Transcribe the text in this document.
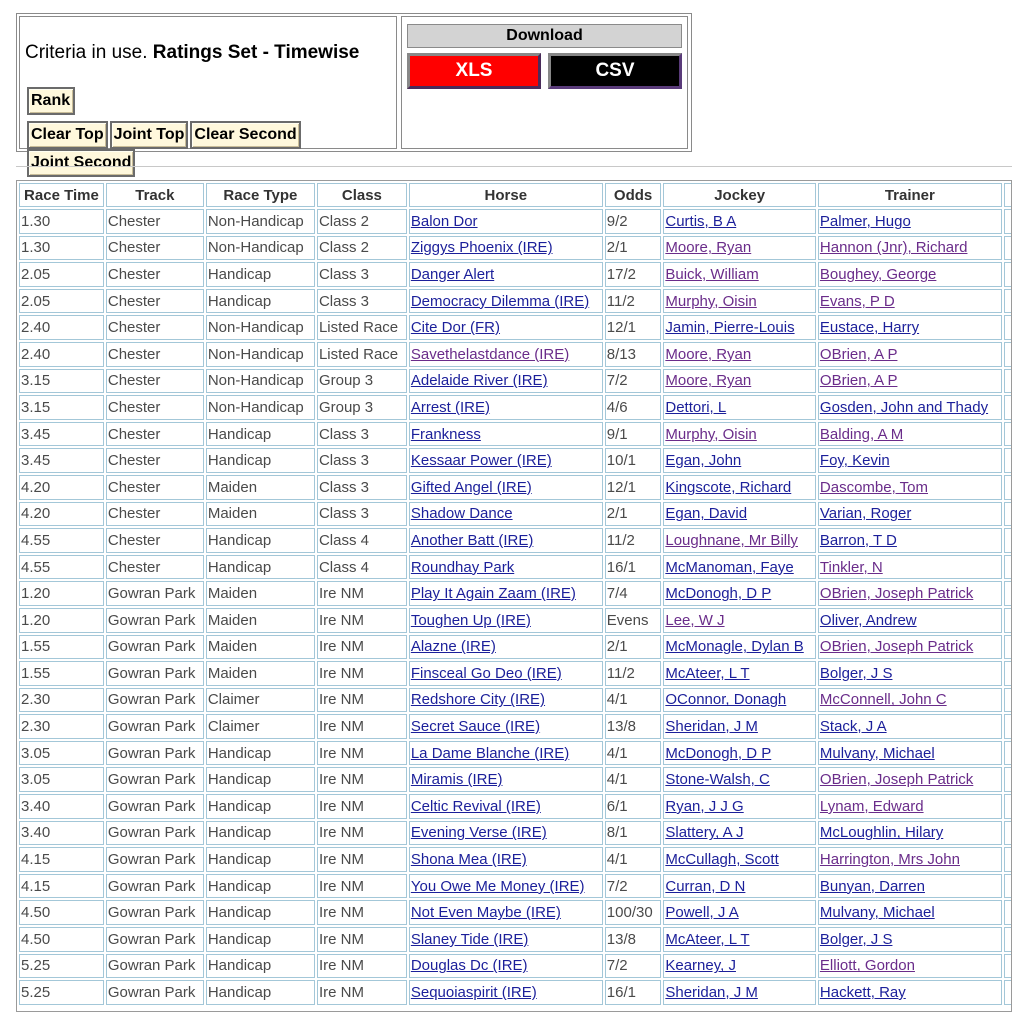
Criteria in use. Ratings Set - Timewise
Rank
Clear Top Joint Top Clear SecondJoint Second
Download
XLS	CSV
Race Time	Track	Race Type	Class	Horse	Odds	Jockey	Trainer	
1.30	Chester	Non-Handicap	Class 2	Balon Dor	9/2	Curtis, B A	Palmer, Hugo	
1.30	Chester	Non-Handicap	Class 2	Ziggys Phoenix (IRE)	2/1	Moore, Ryan	Hannon (Jnr), Richard	
2.05	Chester	Handicap	Class 3	Danger Alert	17/2	Buick, William	Boughey, George	
2.05	Chester	Handicap	Class 3	Democracy Dilemma (IRE)	11/2	Murphy, Oisin	Evans, P D	
2.40	Chester	Non-Handicap	Listed Race	Cite Dor (FR)	12/1	Jamin, Pierre-Louis	Eustace, Harry	
2.40	Chester	Non-Handicap	Listed Race	Savethelastdance (IRE)	8/13	Moore, Ryan	OBrien, A P	
3.15	Chester	Non-Handicap	Group 3	Adelaide River (IRE)	7/2	Moore, Ryan	OBrien, A P	
3.15	Chester	Non-Handicap	Group 3	Arrest (IRE)	4/6	Dettori, L	Gosden, John and Thady	
3.45	Chester	Handicap	Class 3	Frankness	9/1	Murphy, Oisin	Balding, A M	
3.45	Chester	Handicap	Class 3	Kessaar Power (IRE)	10/1	Egan, John	Foy, Kevin	
4.20	Chester	Maiden	Class 3	Gifted Angel (IRE)	12/1	Kingscote, Richard	Dascombe, Tom	
4.20	Chester	Maiden	Class 3	Shadow Dance	2/1	Egan, David	Varian, Roger	
4.55	Chester	Handicap	Class 4	Another Batt (IRE)	11/2	Loughnane, Mr Billy	Barron, T D	
4.55	Chester	Handicap	Class 4	Roundhay Park	16/1	McManoman, Faye	Tinkler, N	
1.20	Gowran Park	Maiden	Ire NM	Play It Again Zaam (IRE)	7/4	McDonogh, D P	OBrien, Joseph Patrick	
1.20	Gowran Park	Maiden	Ire NM	Toughen Up (IRE)	Evens	Lee, W J	Oliver, Andrew	
1.55	Gowran Park	Maiden	Ire NM	Alazne (IRE)	2/1	McMonagle, Dylan B	OBrien, Joseph Patrick	
1.55	Gowran Park	Maiden	Ire NM	Finsceal Go Deo (IRE)	11/2	McAteer, L T	Bolger, J S	
2.30	Gowran Park	Claimer	Ire NM	Redshore City (IRE)	4/1	OConnor, Donagh	McConnell, John C	
2.30	Gowran Park	Claimer	Ire NM	Secret Sauce (IRE)	13/8	Sheridan, J M	Stack, J A	
3.05	Gowran Park	Handicap	Ire NM	La Dame Blanche (IRE)	4/1	McDonogh, D P	Mulvany, Michael	
3.05	Gowran Park	Handicap	Ire NM	Miramis (IRE)	4/1	Stone-Walsh, C	OBrien, Joseph Patrick	
3.40	Gowran Park	Handicap	Ire NM	Celtic Revival (IRE)	6/1	Ryan, J J G	Lynam, Edward	
3.40	Gowran Park	Handicap	Ire NM	Evening Verse (IRE)	8/1	Slattery, A J	McLoughlin, Hilary	
4.15	Gowran Park	Handicap	Ire NM	Shona Mea (IRE)	4/1	McCullagh, Scott	Harrington, Mrs John	
4.15	Gowran Park	Handicap	Ire NM	You Owe Me Money (IRE)	7/2	Curran, D N	Bunyan, Darren	
4.50	Gowran Park	Handicap	Ire NM	Not Even Maybe (IRE)	100/30	Powell, J A	Mulvany, Michael	
4.50	Gowran Park	Handicap	Ire NM	Slaney Tide (IRE)	13/8	McAteer, L T	Bolger, J S	
5.25	Gowran Park	Handicap	Ire NM	Douglas Dc (IRE)	7/2	Kearney, J	Elliott, Gordon	
5.25	Gowran Park	Handicap	Ire NM	Sequoiaspirit (IRE)	16/1	Sheridan, J M	Hackett, Ray	
